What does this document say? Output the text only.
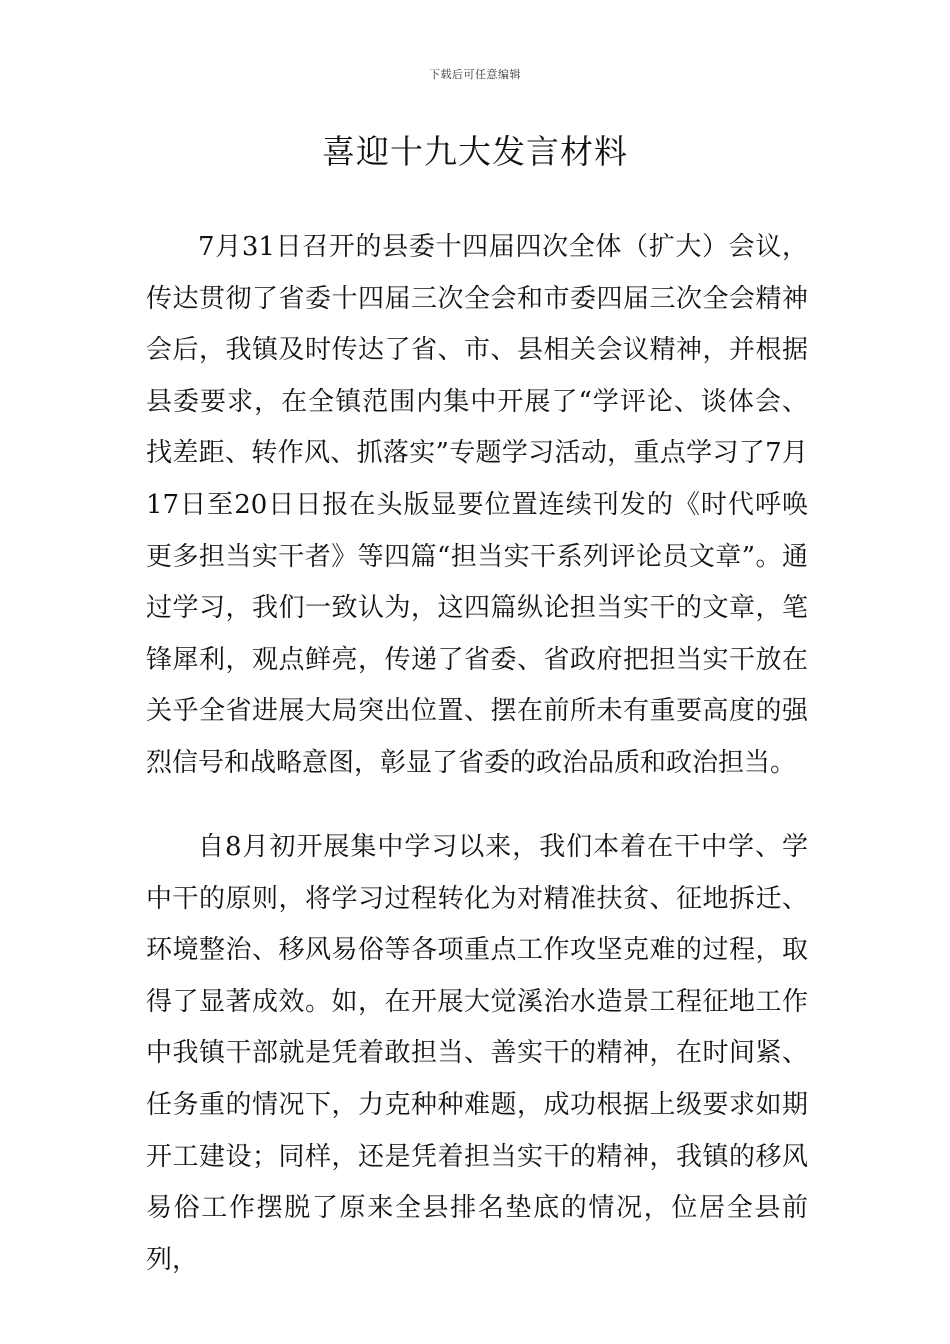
下载后可任意编辑
喜迎十九大发言材料

7月31日召开的县委十四届四次全体（扩大）会议，传达贯彻了省委十四届三次全会和市委四届三次全会精神会后，我镇及时传达了省、市、县相关会议精神，并根据县委要求，在全镇范围内集中开展了“学评论、谈体会、找差距、转作风、抓落实”专题学习活动，重点学习了7月17日至20日日报在头版显要位置连续刊发的《时代呼唤更多担当实干者》等四篇“担当实干系列评论员文章”。通过学习，我们一致认为，这四篇纵论担当实干的文章，笔锋犀利，观点鲜亮，传递了省委、省政府把担当实干放在关乎全省进展大局突出位置、摆在前所未有重要高度的强烈信号和战略意图，彰显了省委的政治品质和政治担当。

自8月初开展集中学习以来，我们本着在干中学、学中干的原则，将学习过程转化为对精准扶贫、征地拆迁、环境整治、移风易俗等各项重点工作攻坚克难的过程，取得了显著成效。如，在开展大觉溪治水造景工程征地工作中我镇干部就是凭着敢担当、善实干的精神，在时间紧、任务重的情况下，力克种种难题，成功根据上级要求如期开工建设；同样，还是凭着担当实干的精神，我镇的移风易俗工作摆脱了原来全县排名垫底的情况，位居全县前列，
